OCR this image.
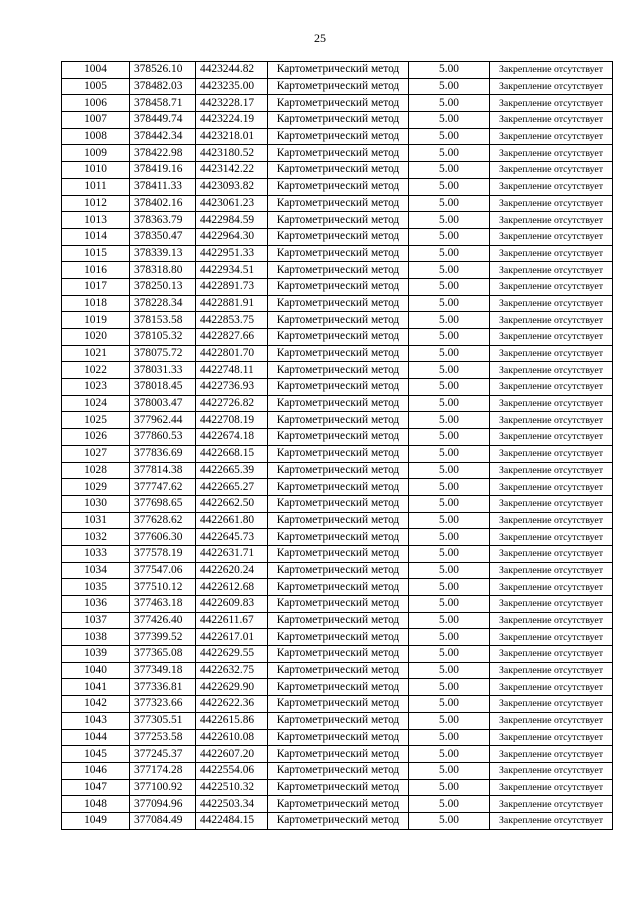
25
1004	378526.10	4423244.82	Картометрический метод	5.00	Закрепление отсутствует
1005	378482.03	4423235.00	Картометрический метод	5.00	Закрепление отсутствует
1006	378458.71	4423228.17	Картометрический метод	5.00	Закрепление отсутствует
1007	378449.74	4423224.19	Картометрический метод	5.00	Закрепление отсутствует
1008	378442.34	4423218.01	Картометрический метод	5.00	Закрепление отсутствует
1009	378422.98	4423180.52	Картометрический метод	5.00	Закрепление отсутствует
1010	378419.16	4423142.22	Картометрический метод	5.00	Закрепление отсутствует
1011	378411.33	4423093.82	Картометрический метод	5.00	Закрепление отсутствует
1012	378402.16	4423061.23	Картометрический метод	5.00	Закрепление отсутствует
1013	378363.79	4422984.59	Картометрический метод	5.00	Закрепление отсутствует
1014	378350.47	4422964.30	Картометрический метод	5.00	Закрепление отсутствует
1015	378339.13	4422951.33	Картометрический метод	5.00	Закрепление отсутствует
1016	378318.80	4422934.51	Картометрический метод	5.00	Закрепление отсутствует
1017	378250.13	4422891.73	Картометрический метод	5.00	Закрепление отсутствует
1018	378228.34	4422881.91	Картометрический метод	5.00	Закрепление отсутствует
1019	378153.58	4422853.75	Картометрический метод	5.00	Закрепление отсутствует
1020	378105.32	4422827.66	Картометрический метод	5.00	Закрепление отсутствует
1021	378075.72	4422801.70	Картометрический метод	5.00	Закрепление отсутствует
1022	378031.33	4422748.11	Картометрический метод	5.00	Закрепление отсутствует
1023	378018.45	4422736.93	Картометрический метод	5.00	Закрепление отсутствует
1024	378003.47	4422726.82	Картометрический метод	5.00	Закрепление отсутствует
1025	377962.44	4422708.19	Картометрический метод	5.00	Закрепление отсутствует
1026	377860.53	4422674.18	Картометрический метод	5.00	Закрепление отсутствует
1027	377836.69	4422668.15	Картометрический метод	5.00	Закрепление отсутствует
1028	377814.38	4422665.39	Картометрический метод	5.00	Закрепление отсутствует
1029	377747.62	4422665.27	Картометрический метод	5.00	Закрепление отсутствует
1030	377698.65	4422662.50	Картометрический метод	5.00	Закрепление отсутствует
1031	377628.62	4422661.80	Картометрический метод	5.00	Закрепление отсутствует
1032	377606.30	4422645.73	Картометрический метод	5.00	Закрепление отсутствует
1033	377578.19	4422631.71	Картометрический метод	5.00	Закрепление отсутствует
1034	377547.06	4422620.24	Картометрический метод	5.00	Закрепление отсутствует
1035	377510.12	4422612.68	Картометрический метод	5.00	Закрепление отсутствует
1036	377463.18	4422609.83	Картометрический метод	5.00	Закрепление отсутствует
1037	377426.40	4422611.67	Картометрический метод	5.00	Закрепление отсутствует
1038	377399.52	4422617.01	Картометрический метод	5.00	Закрепление отсутствует
1039	377365.08	4422629.55	Картометрический метод	5.00	Закрепление отсутствует
1040	377349.18	4422632.75	Картометрический метод	5.00	Закрепление отсутствует
1041	377336.81	4422629.90	Картометрический метод	5.00	Закрепление отсутствует
1042	377323.66	4422622.36	Картометрический метод	5.00	Закрепление отсутствует
1043	377305.51	4422615.86	Картометрический метод	5.00	Закрепление отсутствует
1044	377253.58	4422610.08	Картометрический метод	5.00	Закрепление отсутствует
1045	377245.37	4422607.20	Картометрический метод	5.00	Закрепление отсутствует
1046	377174.28	4422554.06	Картометрический метод	5.00	Закрепление отсутствует
1047	377100.92	4422510.32	Картометрический метод	5.00	Закрепление отсутствует
1048	377094.96	4422503.34	Картометрический метод	5.00	Закрепление отсутствует
1049	377084.49	4422484.15	Картометрический метод	5.00	Закрепление отсутствует
